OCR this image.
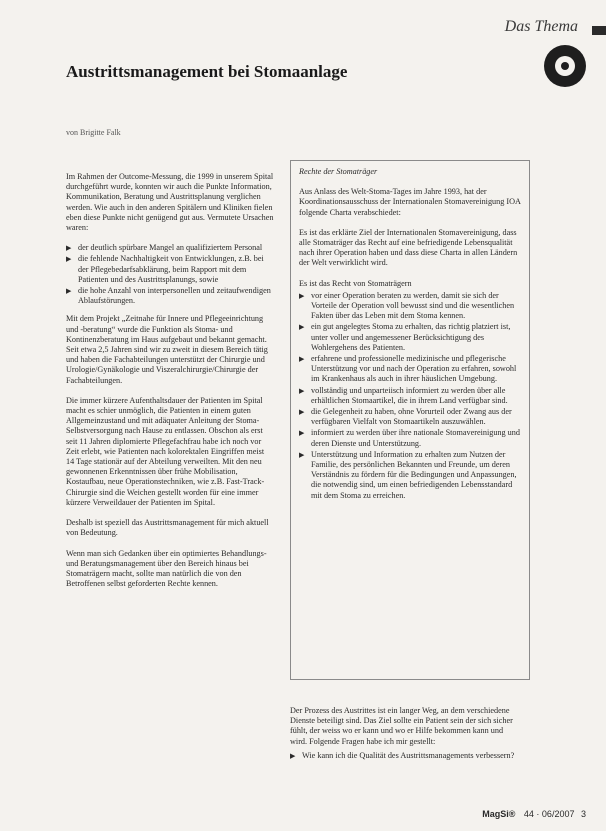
Das Thema
Austrittsmanagement bei Stomaanlage
von Brigitte Falk

Im Rahmen der Outcome-Messung, die 1999 in unserem Spital durchgeführt wurde, konnten wir auch die Punkte Information, Kommunikation, Beratung und Austrittsplanung verglichen werden. Wie auch in den anderen Spitälern und Kliniken fielen eben diese Punkte nicht genügend gut aus. Vermutete Ursachen waren:

▶ der deutlich spürbare Mangel an qualifiziertem Personal
▶ die fehlende Nachhaltigkeit von Entwicklungen, z.B. bei der Pflegebedarfsabklärung, beim Rapport mit dem Patienten und des Austrittsplanungs, sowie
▶ die hohe Anzahl von interpersonellen und zeitaufwendigen Ablaufstörungen.

Mit dem Projekt „Zeitnahe für Innere und Pflegeeinrichtung und -beratung“ wurde die Funktion als Stoma- und Kontinenzberatung im Haus aufgebaut und bekannt gemacht. Seit etwa 2,5 Jahren sind wir zu zweit in diesem Bereich tätig und haben die Fachabteilungen unterstützt der Chirurgie und Urologie/Gynäkologie und Viszeralchirurgie/Chirurgie der Fachabteilungen.

Die immer kürzere Aufenthaltsdauer der Patienten im Spital macht es schier unmöglich, die Patienten in einem guten Allgemeinzustand und mit adäquater Anleitung der Stoma-Selbstversorgung nach Hause zu entlassen. Obschon als erst seit 11 Jahren diplomierte Pflegefachfrau habe ich noch vor Zeit erlebt, wie Patienten nach kolorektalen Eingriffen meist 14 Tage stationär auf der Abteilung verweilten. Mit den neu gewonnenen Erkenntnissen über frühe Mobilisation, Kostaufbau, neue Operationstechniken, wie z.B. Fast-Track-Chirurgie sind die Weichen gestellt worden für eine immer kürzere Verweildauer der Patienten im Spital.

Deshalb ist speziell das Austrittsmanagement für mich aktuell von Bedeutung.

Wenn man sich Gedanken über ein optimiertes Behandlungs- und Beratungsmanagement über den Bereich hinaus bei Stomaträgern macht, sollte man natürlich die von den Betroffenen selbst geforderten Rechte kennen.

Rechte der Stomaträger

Aus Anlass des Welt-Stoma-Tages im Jahre 1993, hat der Koordinationsausschuss der Internationalen Stomavereinigung IOA folgende Charta verabschiedet:

Es ist das erklärte Ziel der Internationalen Stomavereinigung, dass alle Stomaträger das Recht auf eine befriedigende Lebensqualität nach ihrer Operation haben und dass diese Charta in allen Ländern der Welt verwirklicht wird.

Es ist das Recht von Stomaträgern

▶ vor einer Operation beraten zu werden, damit sie sich der Vorteile der Operation voll bewusst sind und die wesentlichen Fakten über das Leben mit dem Stoma kennen.
▶ ein gut angelegtes Stoma zu erhalten, das richtig platziert ist, unter voller und angemessener Berücksichtigung des Wohlergehens des Patienten.
▶ erfahrene und professionelle medizinische und pflegerische Unterstützung vor und nach der Operation zu erfahren, sowohl im Krankenhaus als auch in ihrer häuslichen Umgebung.
▶ vollständig und unparteiisch informiert zu werden über alle erhältlichen Stomaartikel, die in ihrem Land verfügbar sind.
▶ die Gelegenheit zu haben, ohne Vorurteil oder Zwang aus der verfügbaren Vielfalt von Stomaartikeln auszuwählen.
▶ informiert zu werden über ihre nationale Stomavereinigung und deren Dienste und Unterstützung.
▶ Unterstützung und Information zu erhalten zum Nutzen der Familie, des persönlichen Bekannten und Freunde, um deren Verständnis zu fördern für die Bedingungen und Anpassungen, die notwendig sind, um einen befriedigenden Lebensstandard mit dem Stoma zu erreichen.

Der Prozess des Austrittes ist ein langer Weg, an dem verschiedene Dienste beteiligt sind. Das Ziel sollte ein Patient sein der sich sicher fühlt, der weiss wo er kann und wo er Hilfe bekommen kann und wird. Folgende Fragen habe ich mir gestellt:

▶ Wie kann ich die Qualität des Austrittsmanagements verbessern?
MagSi® 44 · 06/2007 3
